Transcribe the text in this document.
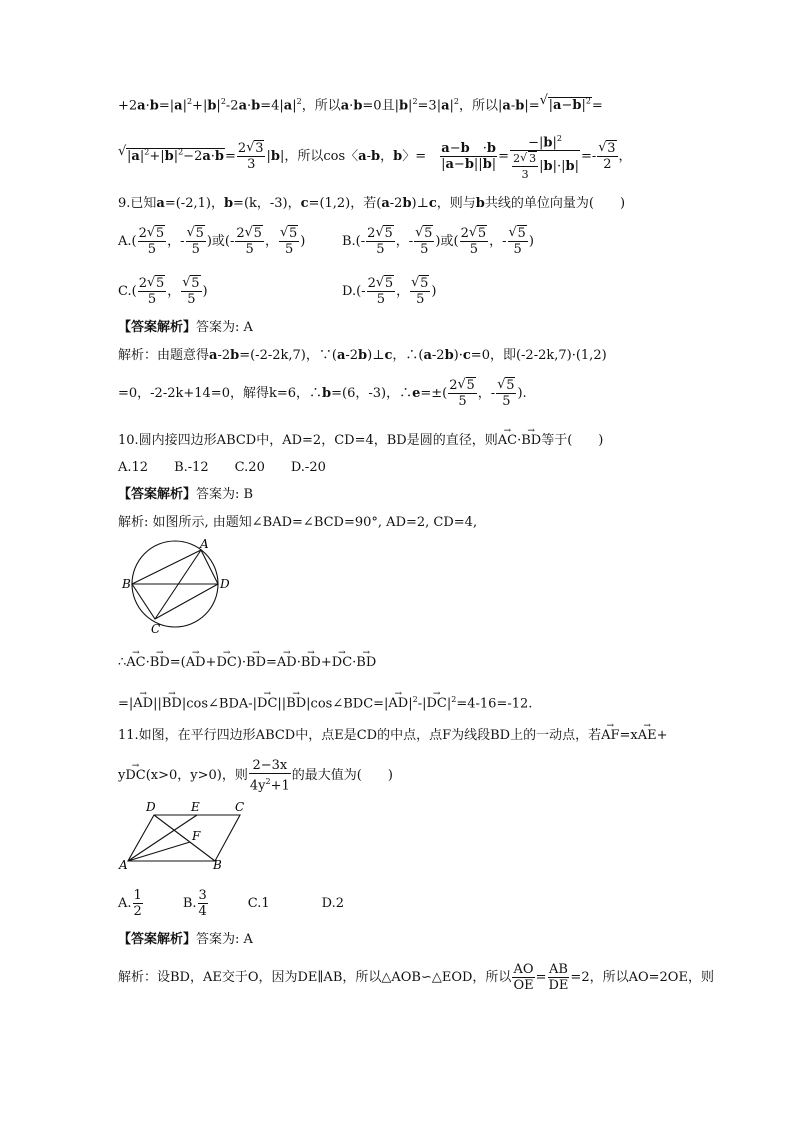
$+2a\cdot b=|a|^2+|b|^2-2a\cdot b=4|a|^2$，所以a·b=0且$|b|^2=3|a|^2$，所以|a-b|= √ $|a-b|^2=$
√ $|a|^2+|b|^2-2a\cdot b= \frac{2 √ 3}{3} |b|$，所以cos〈a-b，b〉= $\frac{a-b \cdot b}{|a-b||b|} = \frac{-|b|^2}{\frac{2 √ 3}{3} |b|\cdot|b|}$ =- √ $\frac{3}{2}$ ，
9.已知a=(-2,1)，b=(k，-3)，c=(1,2)，若(a-2b)⊥c，则与b共线的单位向量为(　　)
$A.( \frac{2 √ 5}{5}$ ，- √ $\frac{5}{5}$ )或(- $\frac{2 √ 5}{5}$ ， √ $\frac{5}{5}$ )	$B.(- \frac{2 √ 5}{5}$ ，- √ $\frac{5}{5}$ )或( $\frac{2 √ 5}{5}$ ，- √ $\frac{5}{5}$ )
$C.( \frac{2 √ 5}{5}$ ， √ $\frac{5}{5}$ )	$D.(- \frac{2 √ 5}{5}$ ， √ $\frac{5}{5}$ )
【答案解析】答案为: A
解析：由题意得a-2b=(-2-2k,7)，∵(a-2b)⊥c，∴(a-2b)·c=0，即(-2-2k,7)·(1,2)
=0，-2-2k+14=0，解得k=6，∴b=(6，-3)，∴e=±( $\frac{2 √ 5}{5}$ ，- √ $\frac{5}{5}$ ).
10.圆内接四边形ABCD中，AD=2，CD=4，BD是圆的直径，则→ AC·→ BD等于(　　)
A.12　　B.-12　　C.20　　D.-20
【答案解析】答案为: B
解析: 如图所示, 由题知∠BAD=∠BCD=90°, AD=2, CD=4,
A
B
C
D
∴→ AC·→ BD=(→ AD+→ DC)·→ BD=→ AD·→ BD+→ DC·→ BD
=|→ AD||→ BD|cos∠BDA-|→ DC||→ BD|cos∠BDC=|→ $AD|^2-|\to DC|^2=4-16=-12$.
11.如图，在平行四边形ABCD中，点E是CD的中点，点F为线段BD上的一动点，若→ AF=x→ AE+
y→ DC(x>0，y>0)，则 $\frac{2-3x}{4y^2+1}$ 的最大值为(　　)
D	E	C
F
A	B
A. $\frac{1}{2}$ 　　　B. $\frac{3}{4}$ 　　　C.1　　　　D.2
【答案解析】答案为: A
解析：设BD，AE交于O，因为DE∥AB，所以△AOB∽△EOD，所以 $\frac{AO}{OE} = \frac{AB}{DE} =2$，所以AO=2OE，则
